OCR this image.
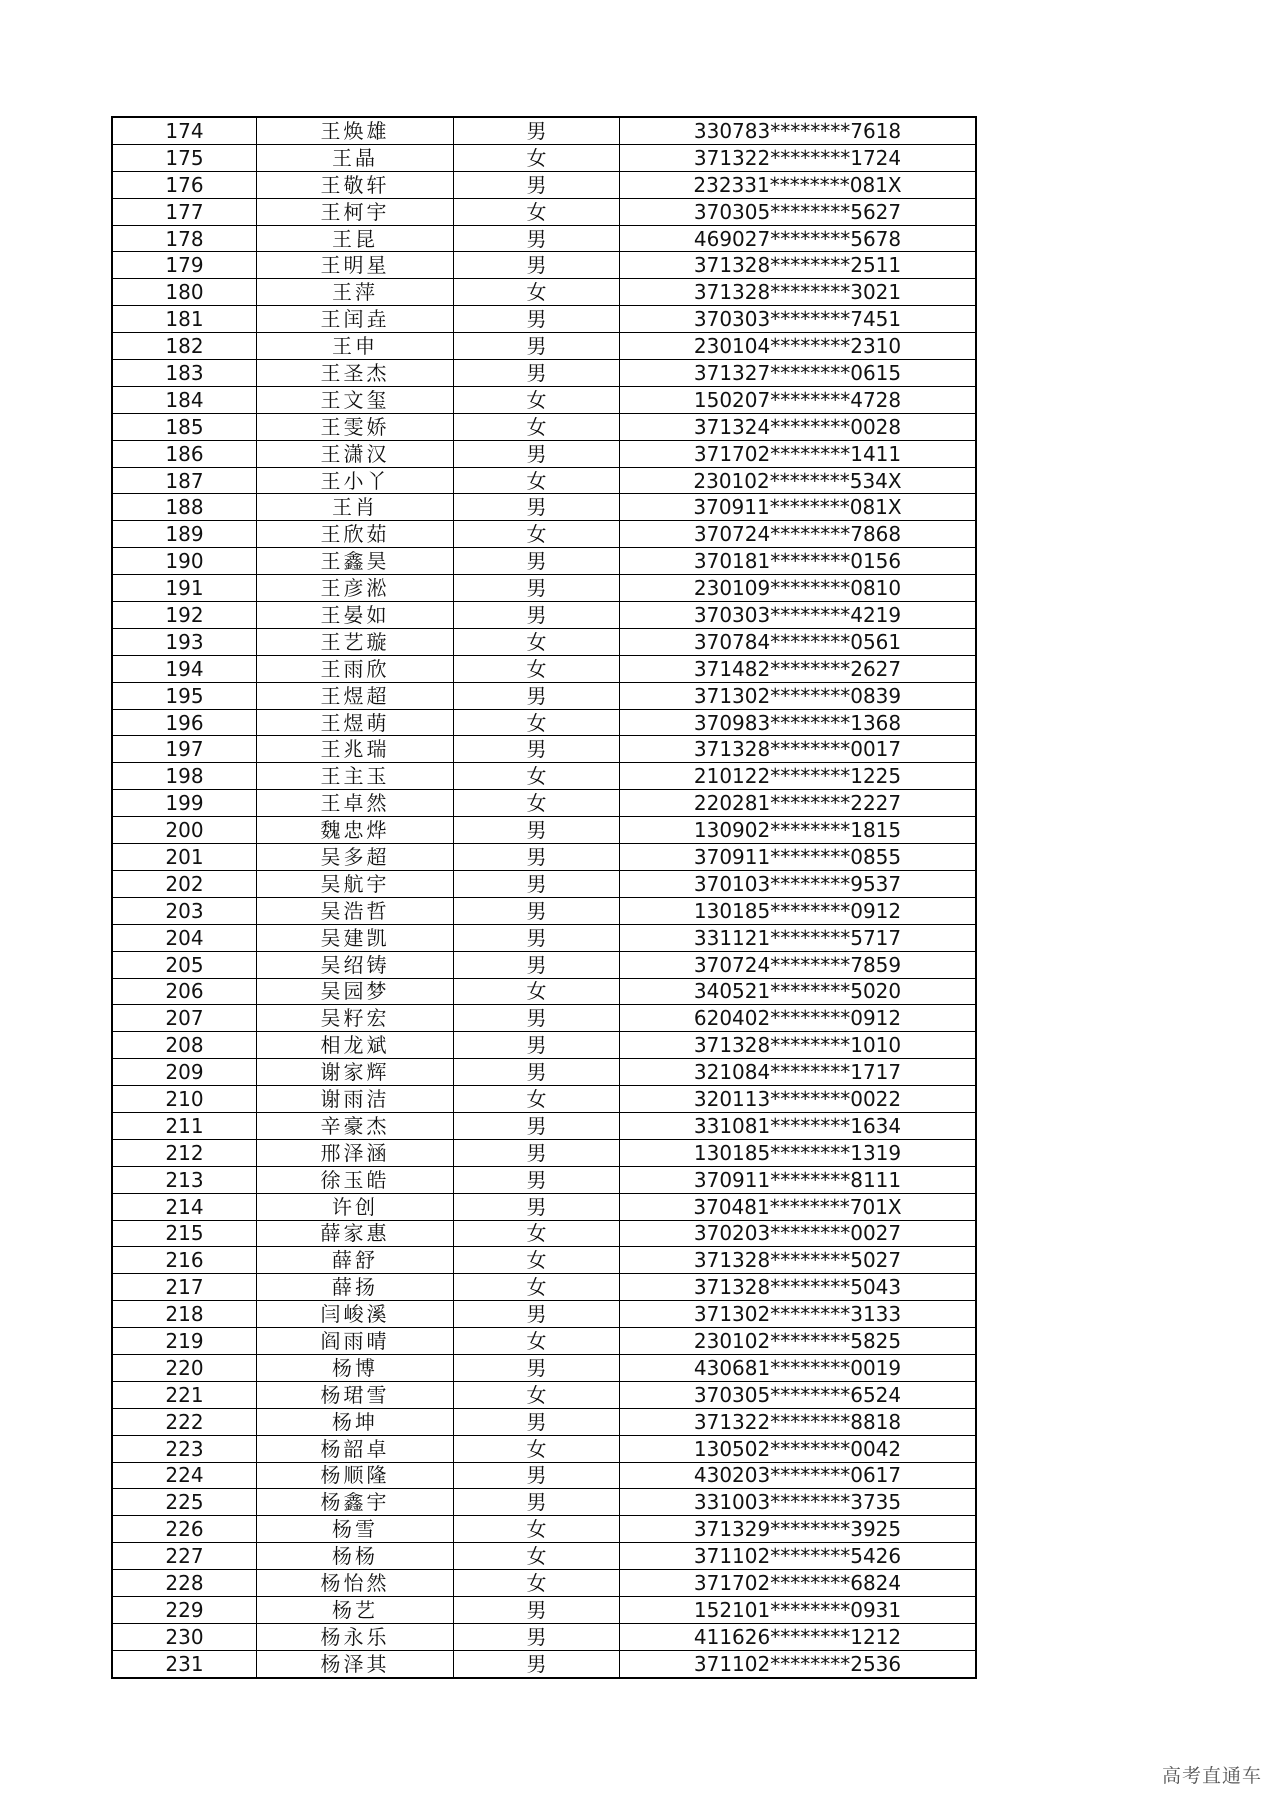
174	王焕雄	男	330783********7618
175	王晶	女	371322********1724
176	王敬轩	男	232331********081X
177	王柯宇	女	370305********5627
178	王昆	男	469027********5678
179	王明星	男	371328********2511
180	王萍	女	371328********3021
181	王闰垚	男	370303********7451
182	王申	男	230104********2310
183	王圣杰	男	371327********0615
184	王文玺	女	150207********4728
185	王雯娇	女	371324********0028
186	王潇汉	男	371702********1411
187	王小丫	女	230102********534X
188	王肖	男	370911********081X
189	王欣茹	女	370724********7868
190	王鑫昊	男	370181********0156
191	王彦淞	男	230109********0810
192	王晏如	男	370303********4219
193	王艺璇	女	370784********0561
194	王雨欣	女	371482********2627
195	王煜超	男	371302********0839
196	王煜萌	女	370983********1368
197	王兆瑞	男	371328********0017
198	王主玉	女	210122********1225
199	王卓然	女	220281********2227
200	魏忠烨	男	130902********1815
201	吴多超	男	370911********0855
202	吴航宇	男	370103********9537
203	吴浩哲	男	130185********0912
204	吴建凯	男	331121********5717
205	吴绍铸	男	370724********7859
206	吴园梦	女	340521********5020
207	吴籽宏	男	620402********0912
208	相龙斌	男	371328********1010
209	谢家辉	男	321084********1717
210	谢雨洁	女	320113********0022
211	辛豪杰	男	331081********1634
212	邢泽涵	男	130185********1319
213	徐玉皓	男	370911********8111
214	许创	男	370481********701X
215	薛家惠	女	370203********0027
216	薛舒	女	371328********5027
217	薛扬	女	371328********5043
218	闫峻溪	男	371302********3133
219	阎雨晴	女	230102********5825
220	杨博	男	430681********0019
221	杨珺雪	女	370305********6524
222	杨坤	男	371322********8818
223	杨韶卓	女	130502********0042
224	杨顺隆	男	430203********0617
225	杨鑫宇	男	331003********3735
226	杨雪	女	371329********3925
227	杨杨	女	371102********5426
228	杨怡然	女	371702********6824
229	杨艺	男	152101********0931
230	杨永乐	男	411626********1212
231	杨泽其	男	371102********2536
高考直通车
